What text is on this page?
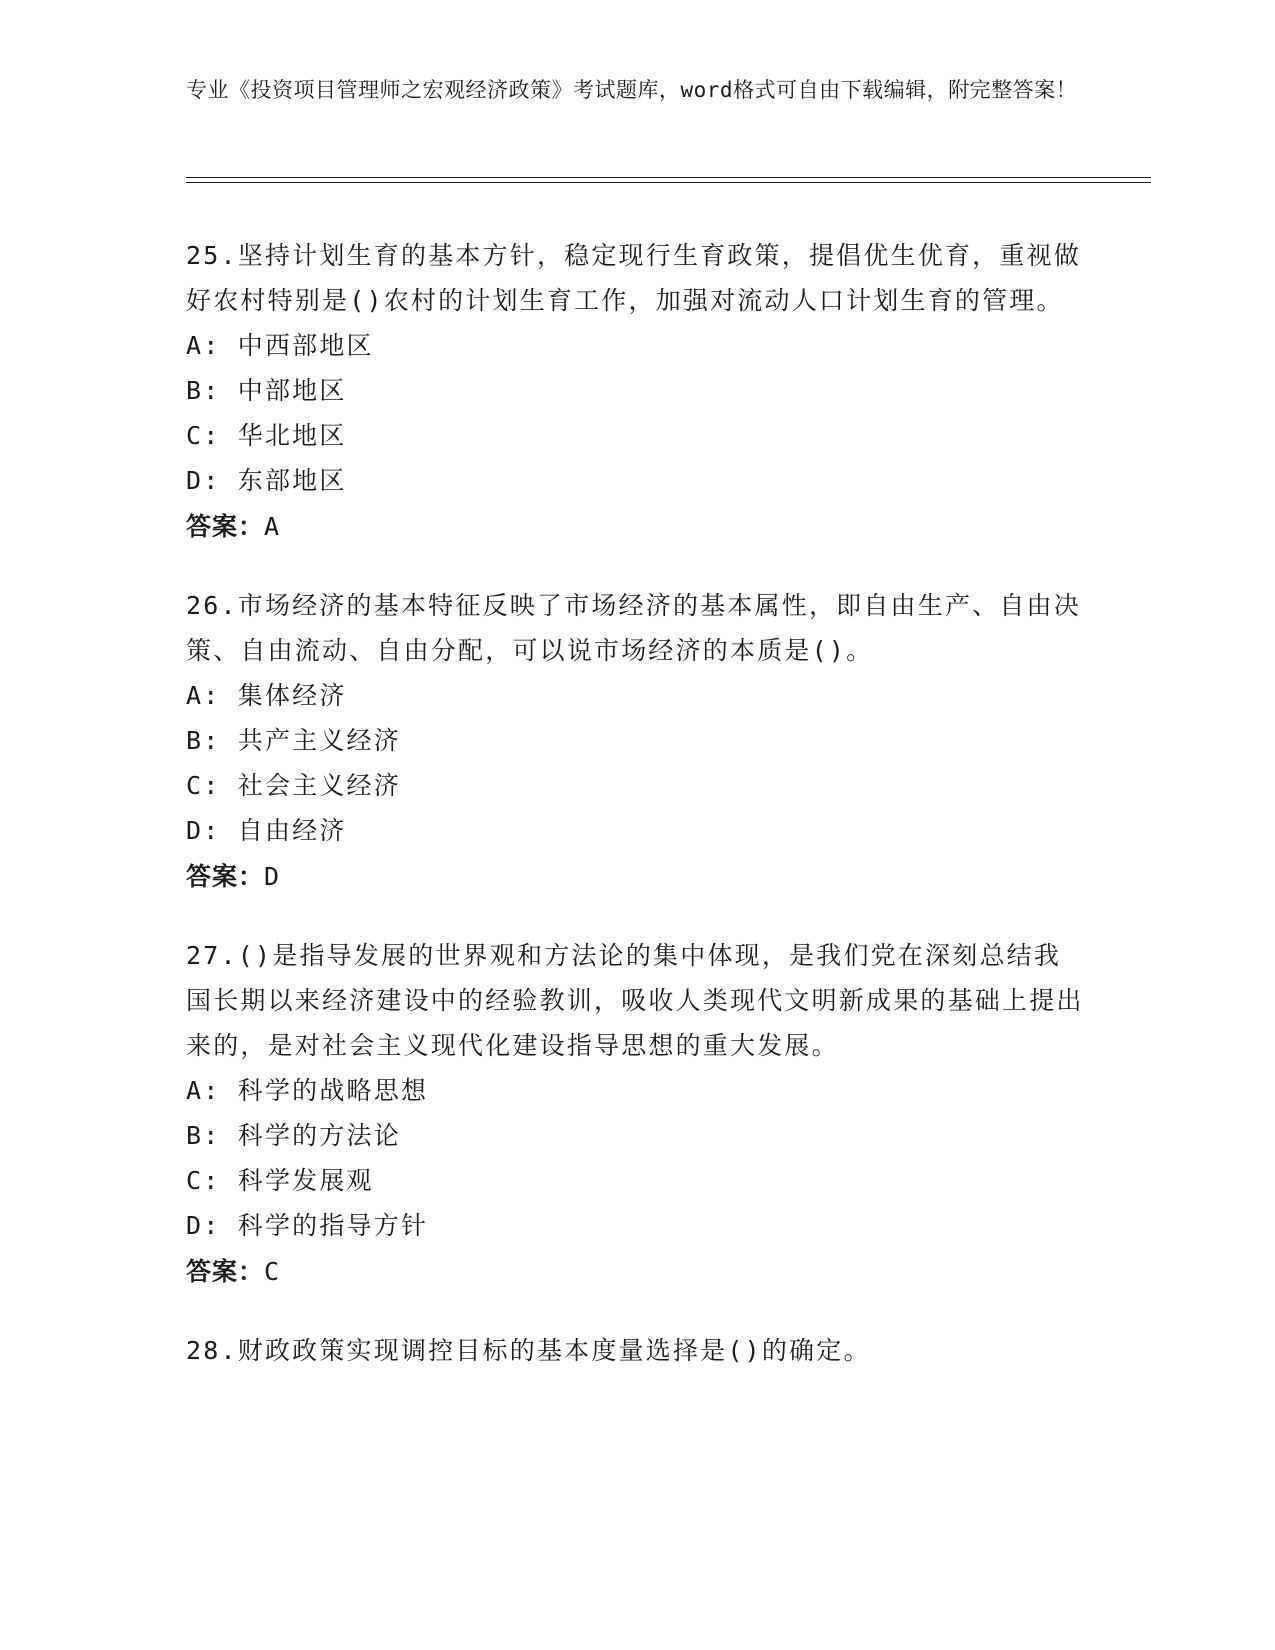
专业《投资项目管理师之宏观经济政策》考试题库，word格式可自由下载编辑，附完整答案！
25.坚持计划生育的基本方针，稳定现行生育政策，提倡优生优育，重视做好农村特别是()农村的计划生育工作，加强对流动人口计划生育的管理。
A: 中西部地区
B: 中部地区
C: 华北地区
D: 东部地区
答案：A
26.市场经济的基本特征反映了市场经济的基本属性，即自由生产、自由决策、自由流动、自由分配，可以说市场经济的本质是()。
A: 集体经济
B: 共产主义经济
C: 社会主义经济
D: 自由经济
答案：D
27.()是指导发展的世界观和方法论的集中体现，是我们党在深刻总结我国长期以来经济建设中的经验教训，吸收人类现代文明新成果的基础上提出来的，是对社会主义现代化建设指导思想的重大发展。
A: 科学的战略思想
B: 科学的方法论
C: 科学发展观
D: 科学的指导方针
答案：C
28.财政政策实现调控目标的基本度量选择是()的确定。
